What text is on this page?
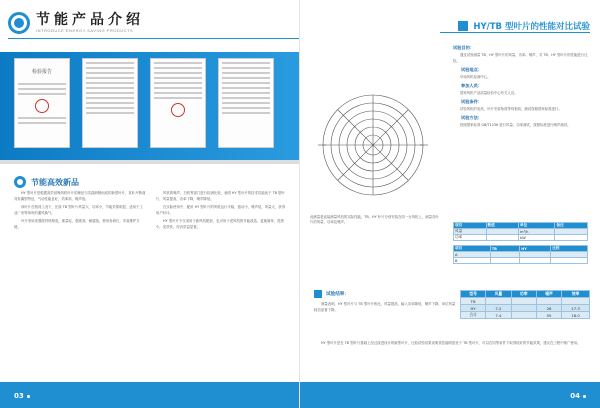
节能产品介绍
INTRODUCE ENERGY-SAVING PRODUCTS
检验报告
节能高效新品

HY 型叶片是根据高效低噪风机叶片的理论与实践研制而成的新型叶片，其叶片断面具有翼型特征，气动性能良好，效率高，噪声低。

该叶片在相同工况下，比原 TB 型叶片风量大、功率小，节能效果明显，适用于工业厂房等场所的通风换气。

叶片采用高强度材料制造，重量轻，强度高，耐腐蚀，使用寿命长，安装维护方便。

风机的噪声、扫机等部门进行检测比较，表明 HY 型叶片的技术性能优于 TB 型叶片，风量提高，功率下降，噪声降低。

在实际使用中，配用 HY 型叶片的风机运行平稳，振动小，噪声低，风量大，获得用户好评。

HY 型叶片不仅适用于新风机配套，也可用于老风机的节能改造，更换简单，投资小，见效快，经济效益显著。

03
HY/TB 型叶片的性能对比试验
试验目的：

通过试验测量 TB、HY 型叶片的风量、功率、噪声，对 TB、HY 型叶片的性能进行比较。

试验地点：

华南风机检测中心。

参加人员：

国家风机产品质量检验中心有关人员。

试验条件：

试验风机的电机、叶片安装角度等均相同，测试按照国家标准进行。

试验方法：

按照国家标准 GB/T1236 进行风量、功率测试，按照标准进行噪声测试。

此测量是直接测量风机的实际性能，TB、HY 叶片分别安装在同一台风机上，测量各叶片的风量、功率及噪声。
项目	数值	单位	备注
风量		m³/h	
功率		kW	
项目	TB	HY	比较
A			
B			
试验结果：

测量表明，HY 型叶片与 TB 型叶片相比，风量提高，输入功率降低，噪声下降，单位风量耗功显著下降。

HY 型叶片是在 TB 型叶片基础上经过改进设计的新型叶片，比较试验结果说明其性能明显优于 TB 型叶片，可以在同等条件下取得较好的节能效果，建议在工程中推广使用。

型号	风量	功率	噪声	效率
TB				
HY	7.2		26	17.3
合计	7.4		55	18.0
04
